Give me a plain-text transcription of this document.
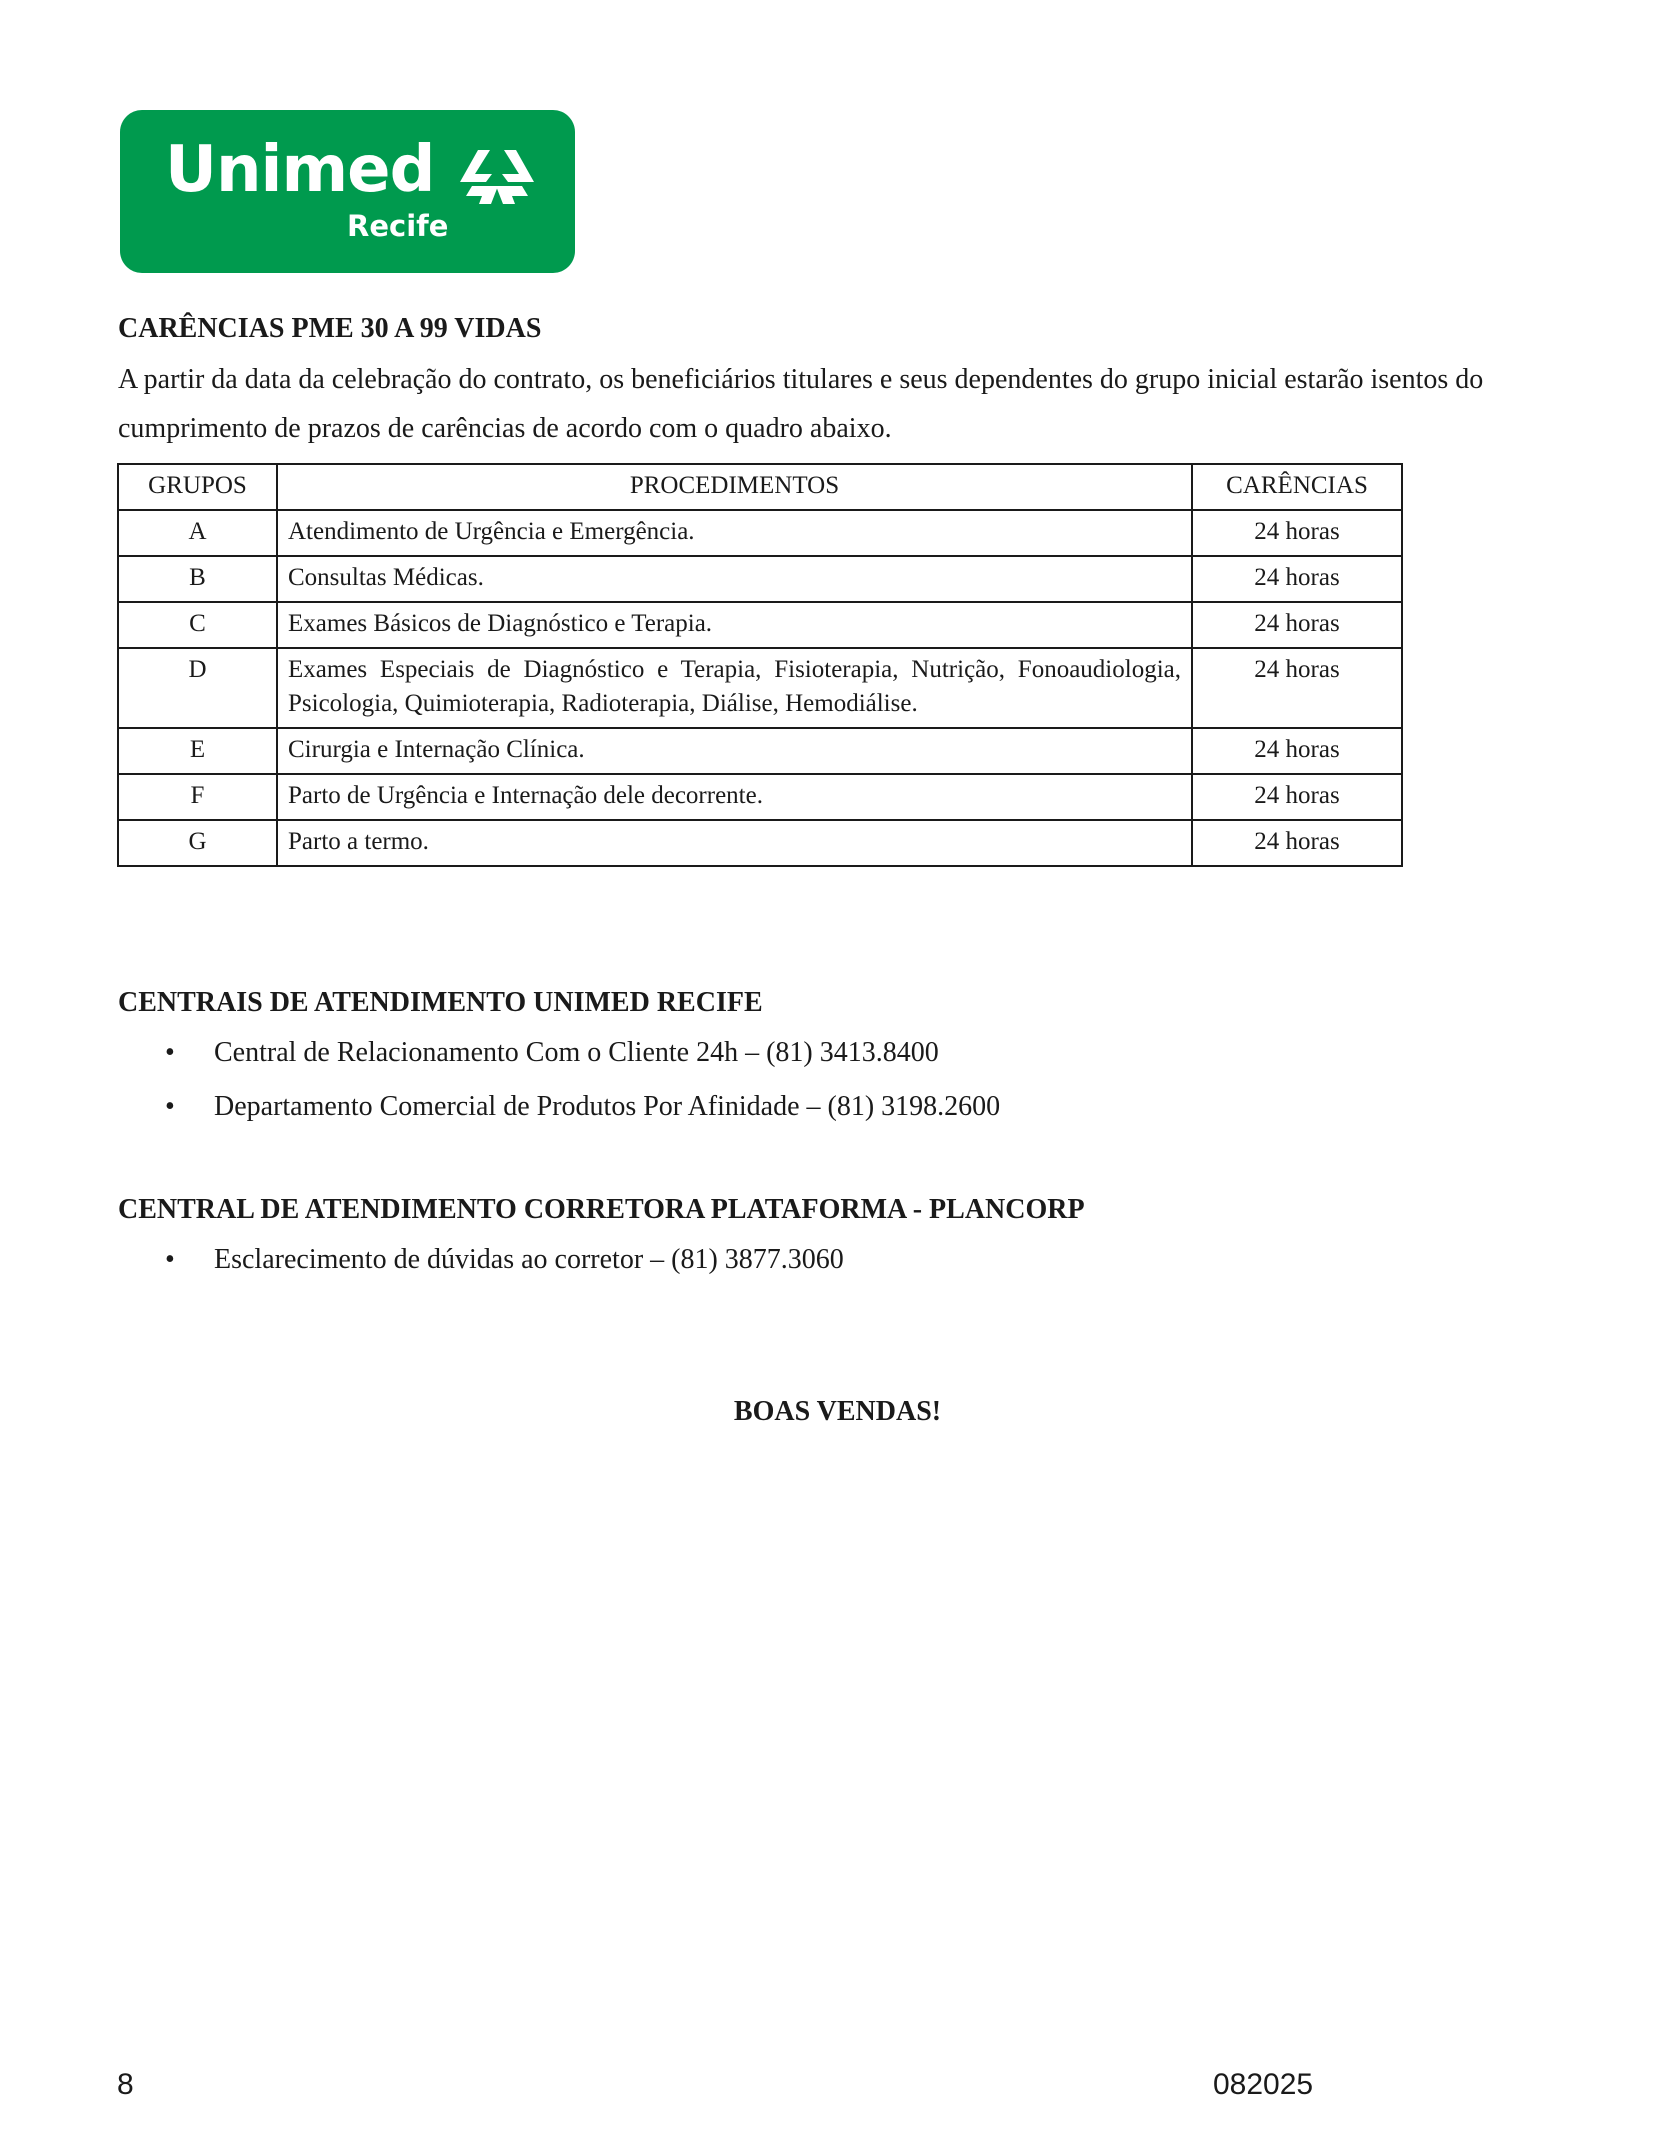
Unimed
Recife
CARÊNCIAS PME 30 A 99 VIDAS
A partir da data da celebração do contrato, os beneficiários titulares e seus dependentes do grupo inicial estarão isentos do cumprimento de prazos de carências de acordo com o quadro abaixo.
GRUPOS	PROCEDIMENTOS	CARÊNCIAS
A	Atendimento de Urgência e Emergência.	24 horas
B	Consultas Médicas.	24 horas
C	Exames Básicos de Diagnóstico e Terapia.	24 horas
D	Exames Especiais de Diagnóstico e Terapia, Fisioterapia, Nutrição, Fonoaudiologia, Psicologia, Quimioterapia, Radioterapia, Diálise, Hemodiálise.	24 horas
E	Cirurgia e Internação Clínica.	24 horas
F	Parto de Urgência e Internação dele decorrente.	24 horas
G	Parto a termo.	24 horas
CENTRAIS DE ATENDIMENTO UNIMED RECIFE
• Central de Relacionamento Com o Cliente 24h – (81) 3413.8400
• Departamento Comercial de Produtos Por Afinidade – (81) 3198.2600
CENTRAL DE ATENDIMENTO CORRETORA PLATAFORMA - PLANCORP
• Esclarecimento de dúvidas ao corretor – (81) 3877.3060
BOAS VENDAS!
8	082025
